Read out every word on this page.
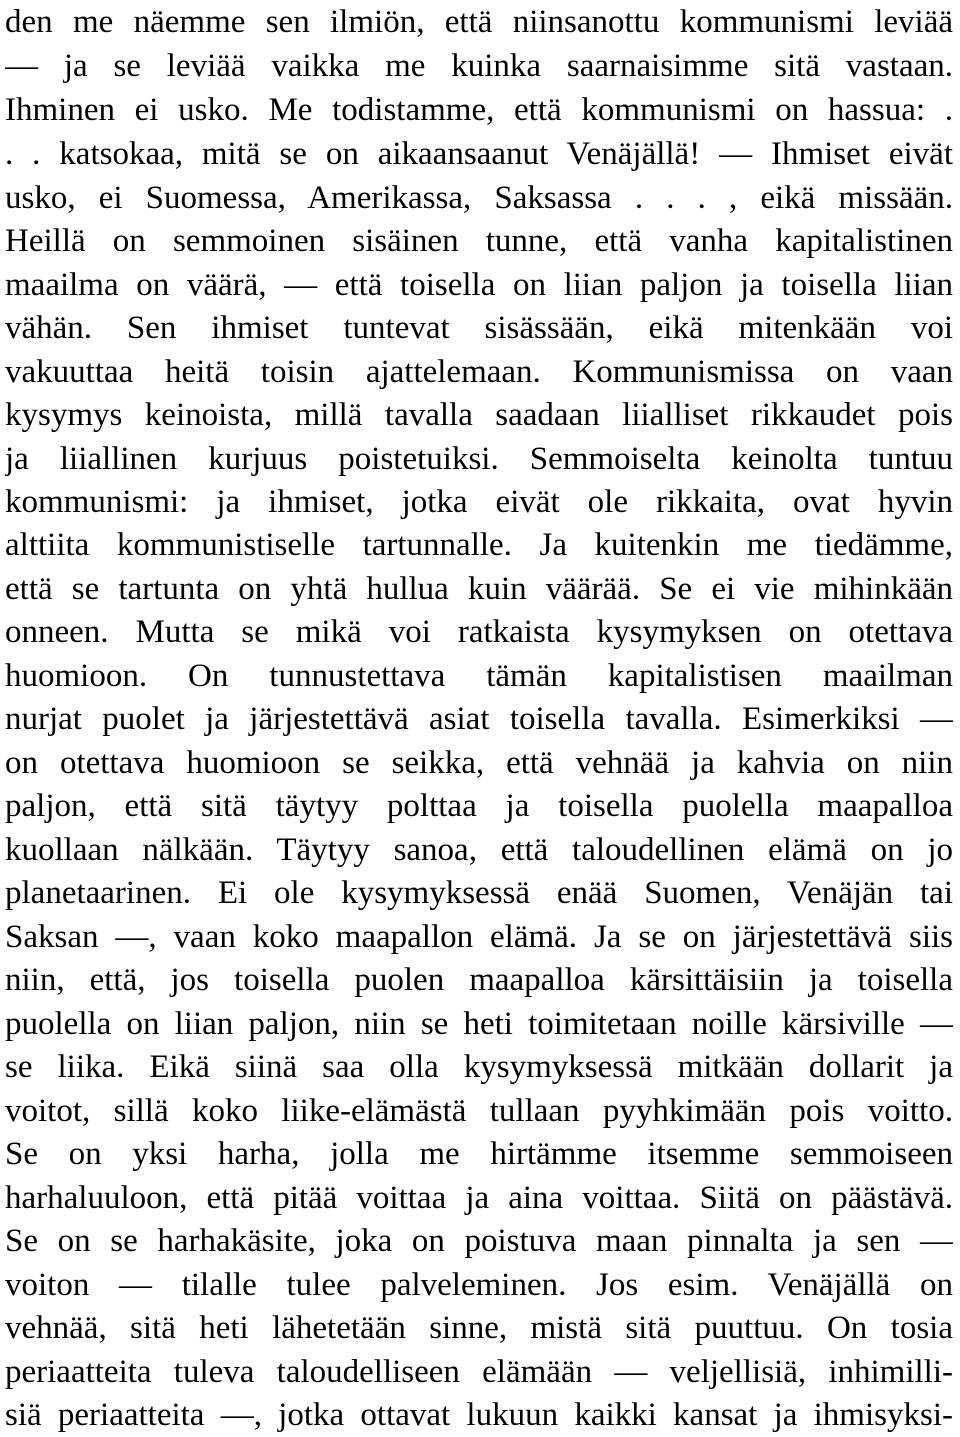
den me näemme sen ilmiön, että niinsanottu kommunismi leviää
— ja se leviää vaikka me kuinka saarnaisimme sitä vastaan.
Ihminen ei usko. Me todistamme, että kommunismi on hassua: .
. . katsokaa, mitä se on aikaansaanut Venäjällä! — Ihmiset eivät
usko, ei Suomessa, Amerikassa, Saksassa . . . , eikä missään.
Heillä on semmoinen sisäinen tunne, että vanha kapitalistinen
maailma on väärä, — että toisella on liian paljon ja toisella liian
vähän. Sen ihmiset tuntevat sisässään, eikä mitenkään voi
vakuuttaa heitä toisin ajattelemaan. Kommunismissa on vaan
kysymys keinoista, millä tavalla saadaan liialliset rikkaudet pois
ja liiallinen kurjuus poistetuiksi. Semmoiselta keinolta tuntuu
kommunismi: ja ihmiset, jotka eivät ole rikkaita, ovat hyvin
alttiita kommunistiselle tartunnalle. Ja kuitenkin me tiedämme,
että se tartunta on yhtä hullua kuin väärää. Se ei vie mihinkään
onneen. Mutta se mikä voi ratkaista kysymyksen on otettava
huomioon. On tunnustettava tämän kapitalistisen maailman
nurjat puolet ja järjestettävä asiat toisella tavalla. Esimerkiksi —
on otettava huomioon se seikka, että vehnää ja kahvia on niin
paljon, että sitä täytyy polttaa ja toisella puolella maapalloa
kuollaan nälkään. Täytyy sanoa, että taloudellinen elämä on jo
planetaarinen. Ei ole kysymyksessä enää Suomen, Venäjän tai
Saksan —, vaan koko maapallon elämä. Ja se on järjestettävä siis
niin, että, jos toisella puolen maapalloa kärsittäisiin ja toisella
puolella on liian paljon, niin se heti toimitetaan noille kärsiville —
se liika. Eikä siinä saa olla kysymyksessä mitkään dollarit ja
voitot, sillä koko liike-elämästä tullaan pyyhkimään pois voitto.
Se on yksi harha, jolla me hirtämme itsemme semmoiseen
harhaluuloon, että pitää voittaa ja aina voittaa. Siitä on päästävä.
Se on se harhakäsite, joka on poistuva maan pinnalta ja sen —
voiton — tilalle tulee palveleminen. Jos esim. Venäjällä on
vehnää, sitä heti lähetetään sinne, mistä sitä puuttuu. On tosia
periaatteita tuleva taloudelliseen elämään — veljellisiä, inhimilli-
siä periaatteita —, jotka ottavat lukuun kaikki kansat ja ihmisyksi-
